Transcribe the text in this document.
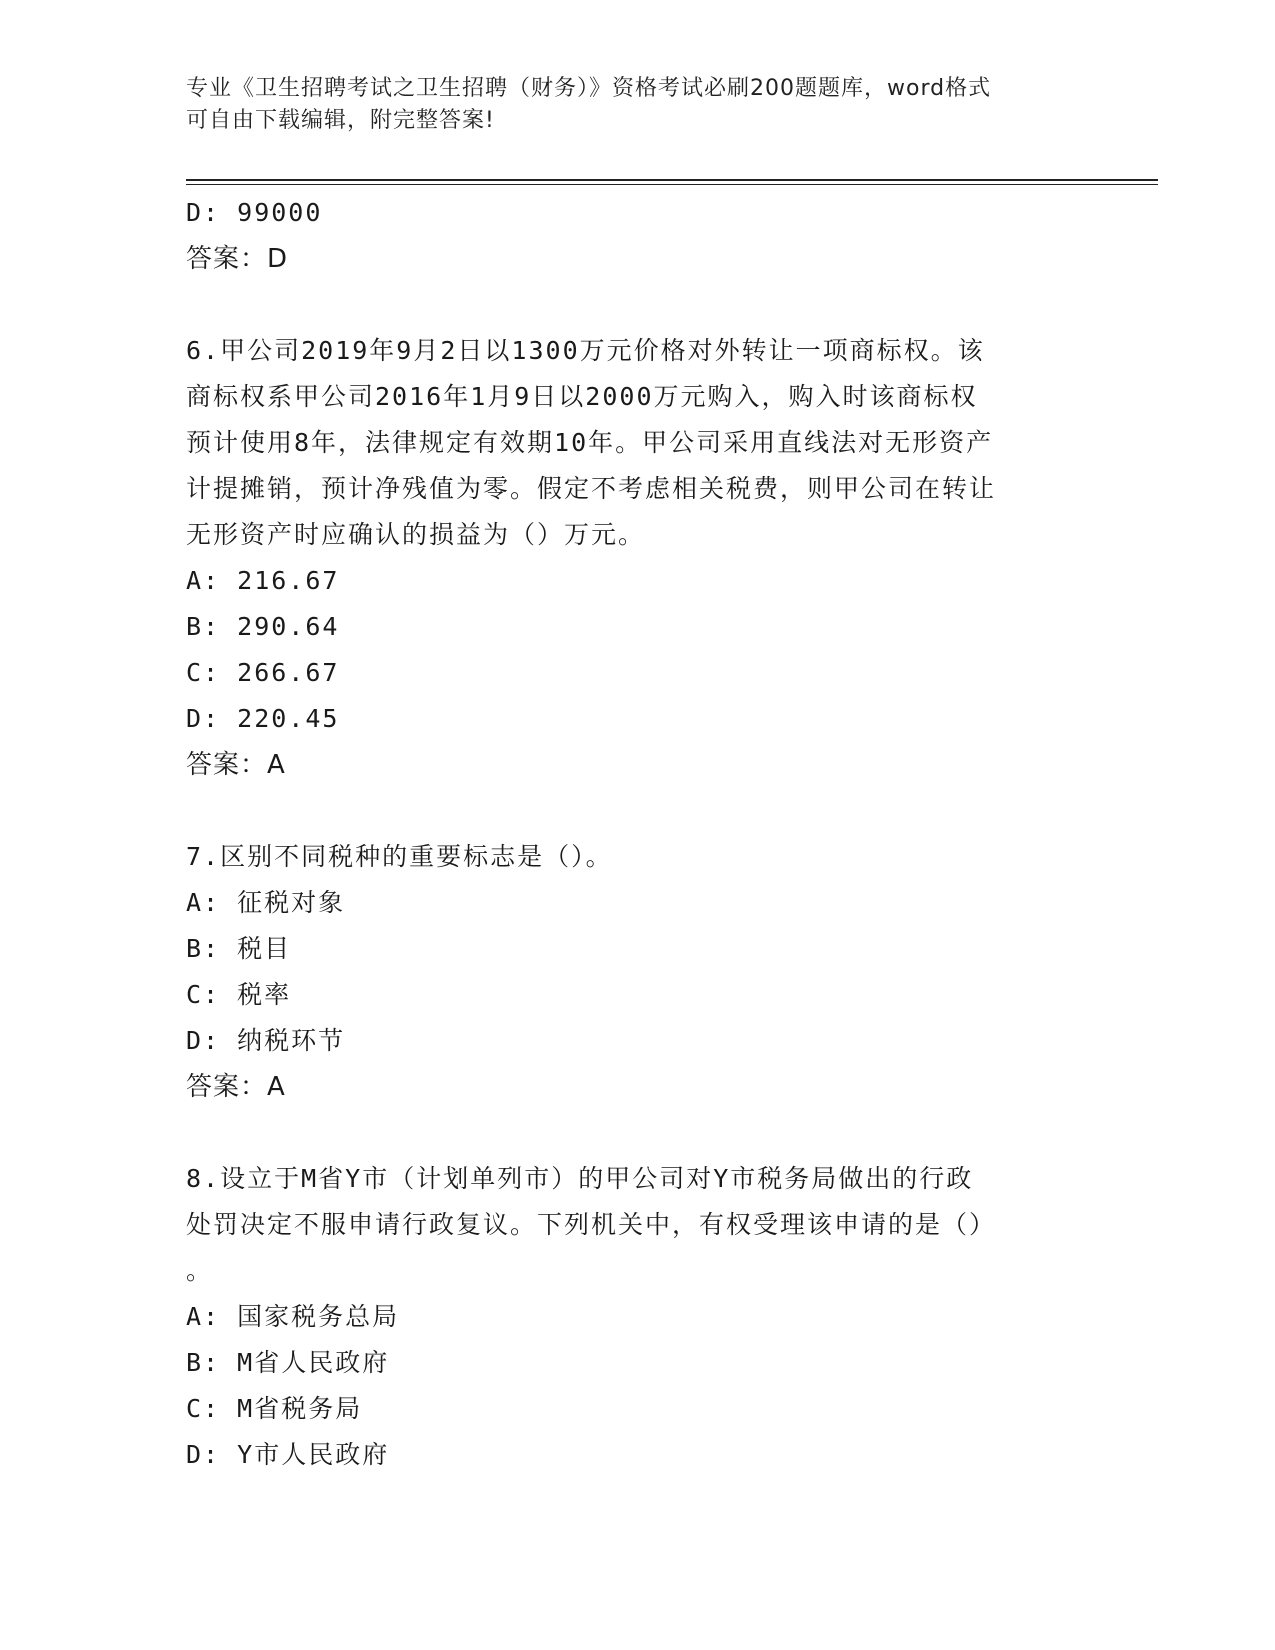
专业《卫生招聘考试之卫生招聘（财务）》资格考试必刷200题题库，word格式
可自由下载编辑，附完整答案!
D: 99000
答案：D
6.甲公司2019年9月2日以1300万元价格对外转让一项商标权。该
商标权系甲公司2016年1月9日以2000万元购入，购入时该商标权
预计使用8年，法律规定有效期10年。甲公司采用直线法对无形资产
计提摊销，预计净残值为零。假定不考虑相关税费，则甲公司在转让
无形资产时应确认的损益为（）万元。
A: 216.67
B: 290.64
C: 266.67
D: 220.45
答案：A
7.区别不同税种的重要标志是（）。
A: 征税对象
B: 税目
C: 税率
D: 纳税环节
答案：A
8.设立于M省Y市（计划单列市）的甲公司对Y市税务局做出的行政
处罚决定不服申请行政复议。下列机关中，有权受理该申请的是（）
。
A: 国家税务总局
B: M省人民政府
C: M省税务局
D: Y市人民政府
